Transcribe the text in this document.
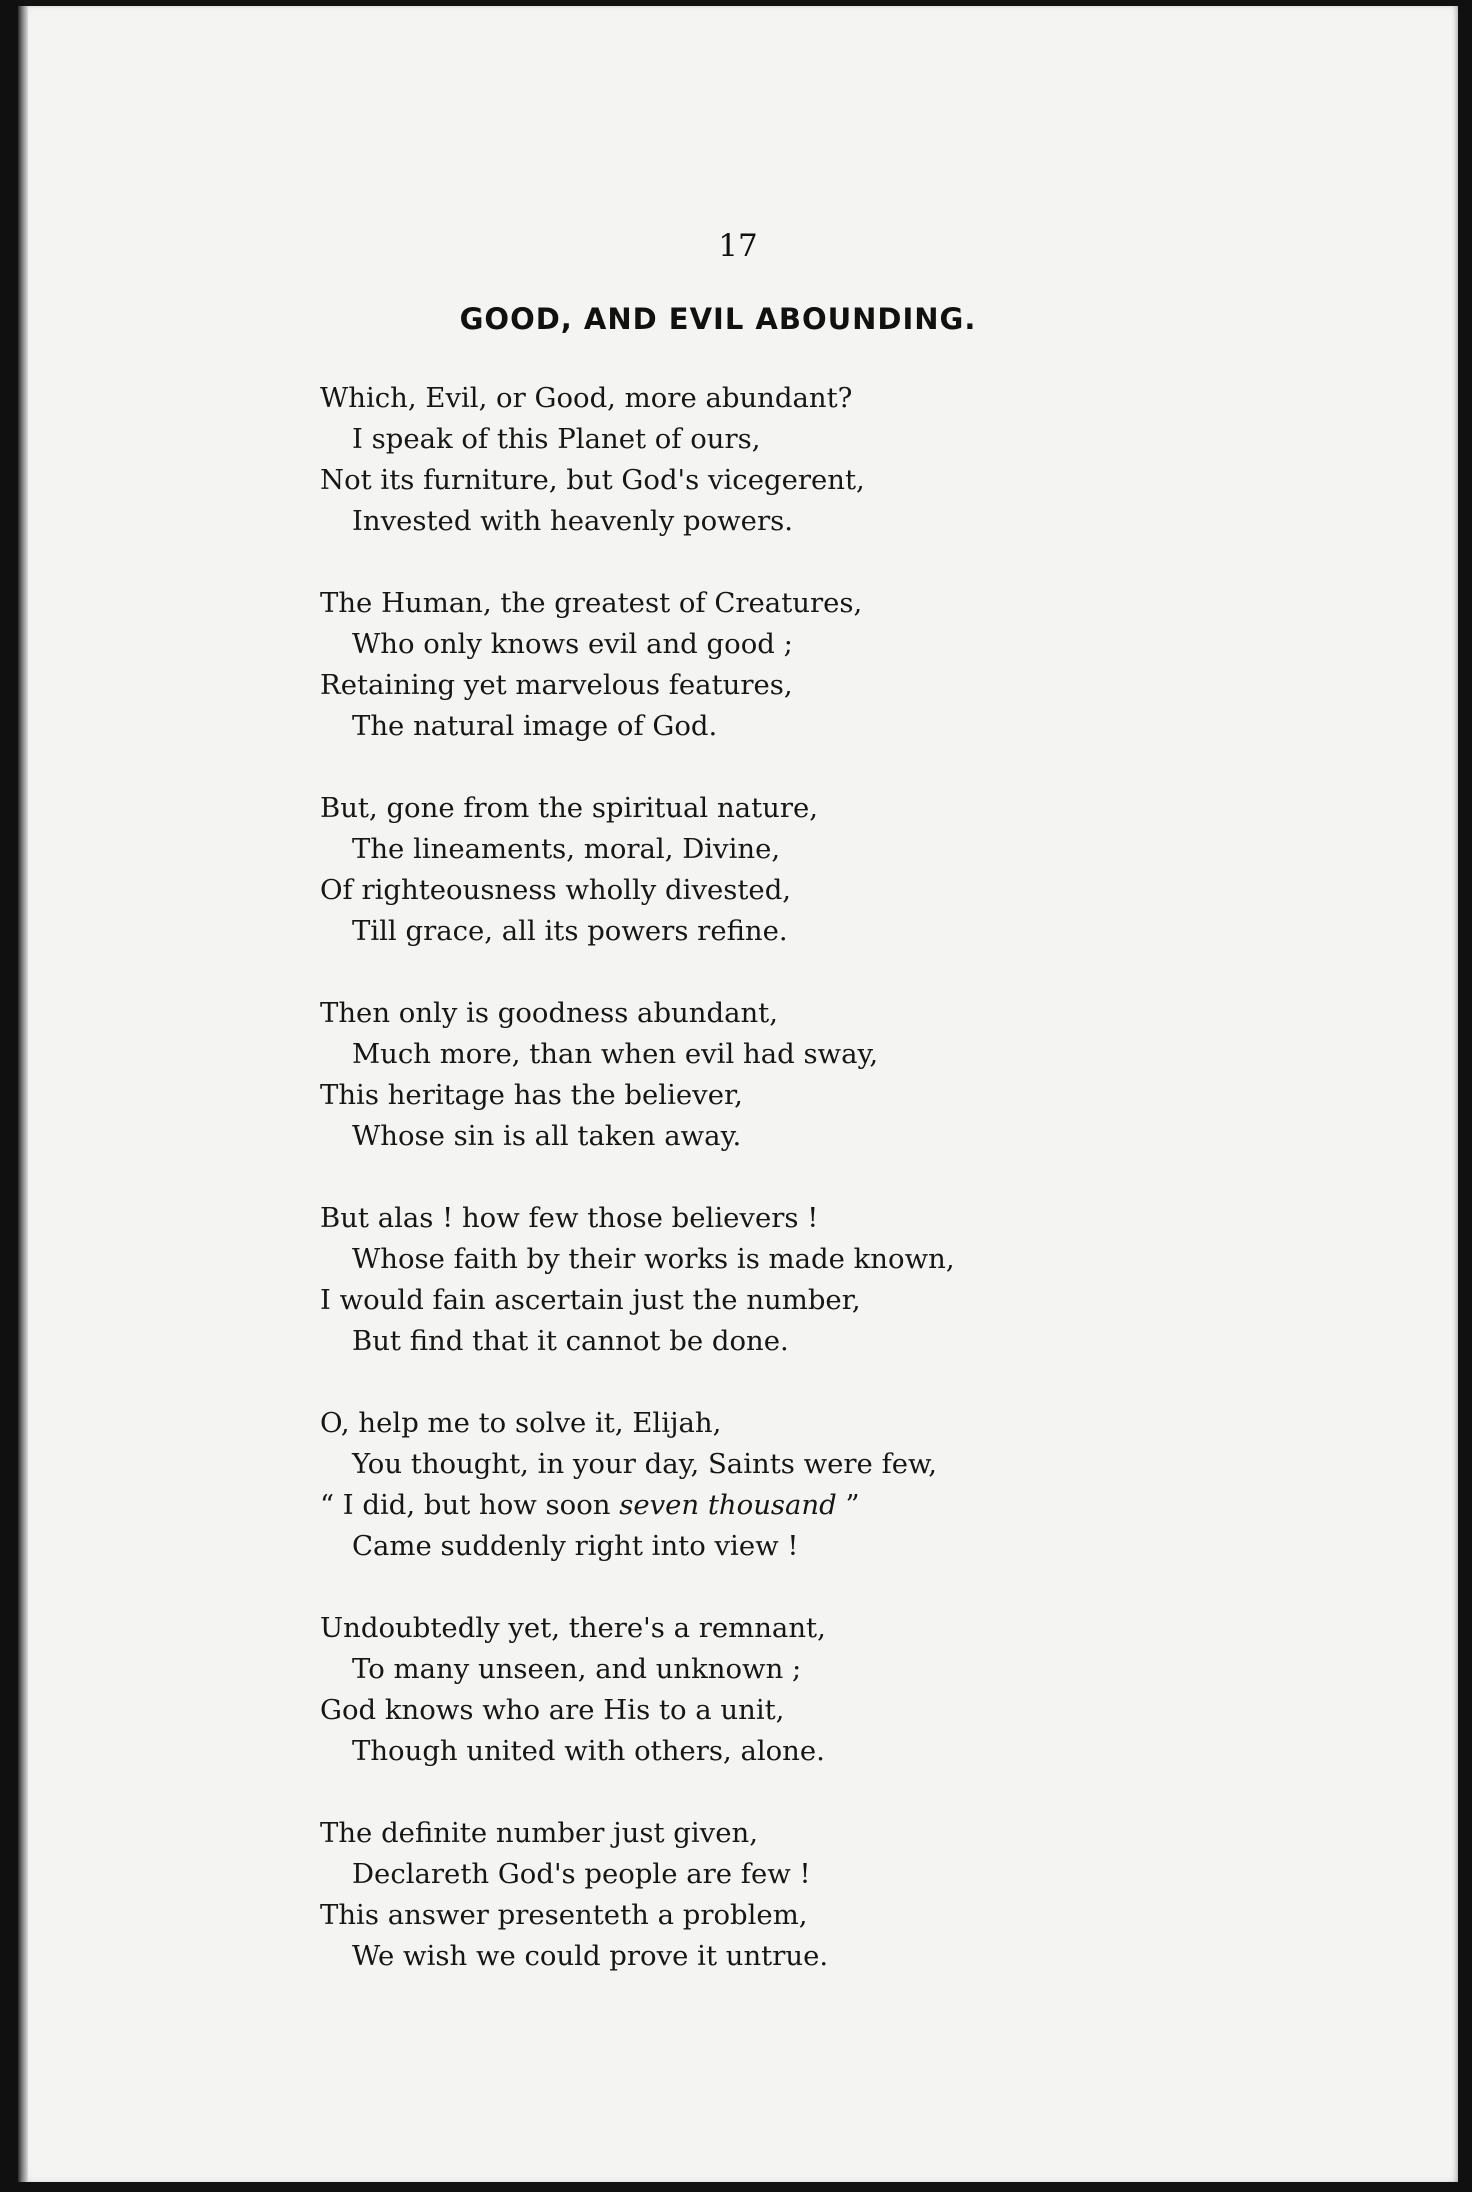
17
GOOD, AND EVIL ABOUNDING.
Which, Evil, or Good, more abundant?
I speak of this Planet of ours,
Not its furniture, but God's vicegerent,
Invested with heavenly powers.
The Human, the greatest of Creatures,
Who only knows evil and good ;
Retaining yet marvelous features,
The natural image of God.
But, gone from the spiritual nature,
The lineaments, moral, Divine,
Of righteousness wholly divested,
Till grace, all its powers refine.
Then only is goodness abundant,
Much more, than when evil had sway,
This heritage has the believer,
Whose sin is all taken away.
But alas ! how few those believers !
Whose faith by their works is made known,
I would fain ascertain just the number,
But find that it cannot be done.
O, help me to solve it, Elijah,
You thought, in your day, Saints were few,
“ I did, but how soon seven thousand ”
Came suddenly right into view !
Undoubtedly yet, there's a remnant,
To many unseen, and unknown ;
God knows who are His to a unit,
Though united with others, alone.
The definite number just given,
Declareth God's people are few !
This answer presenteth a problem,
We wish we could prove it untrue.
